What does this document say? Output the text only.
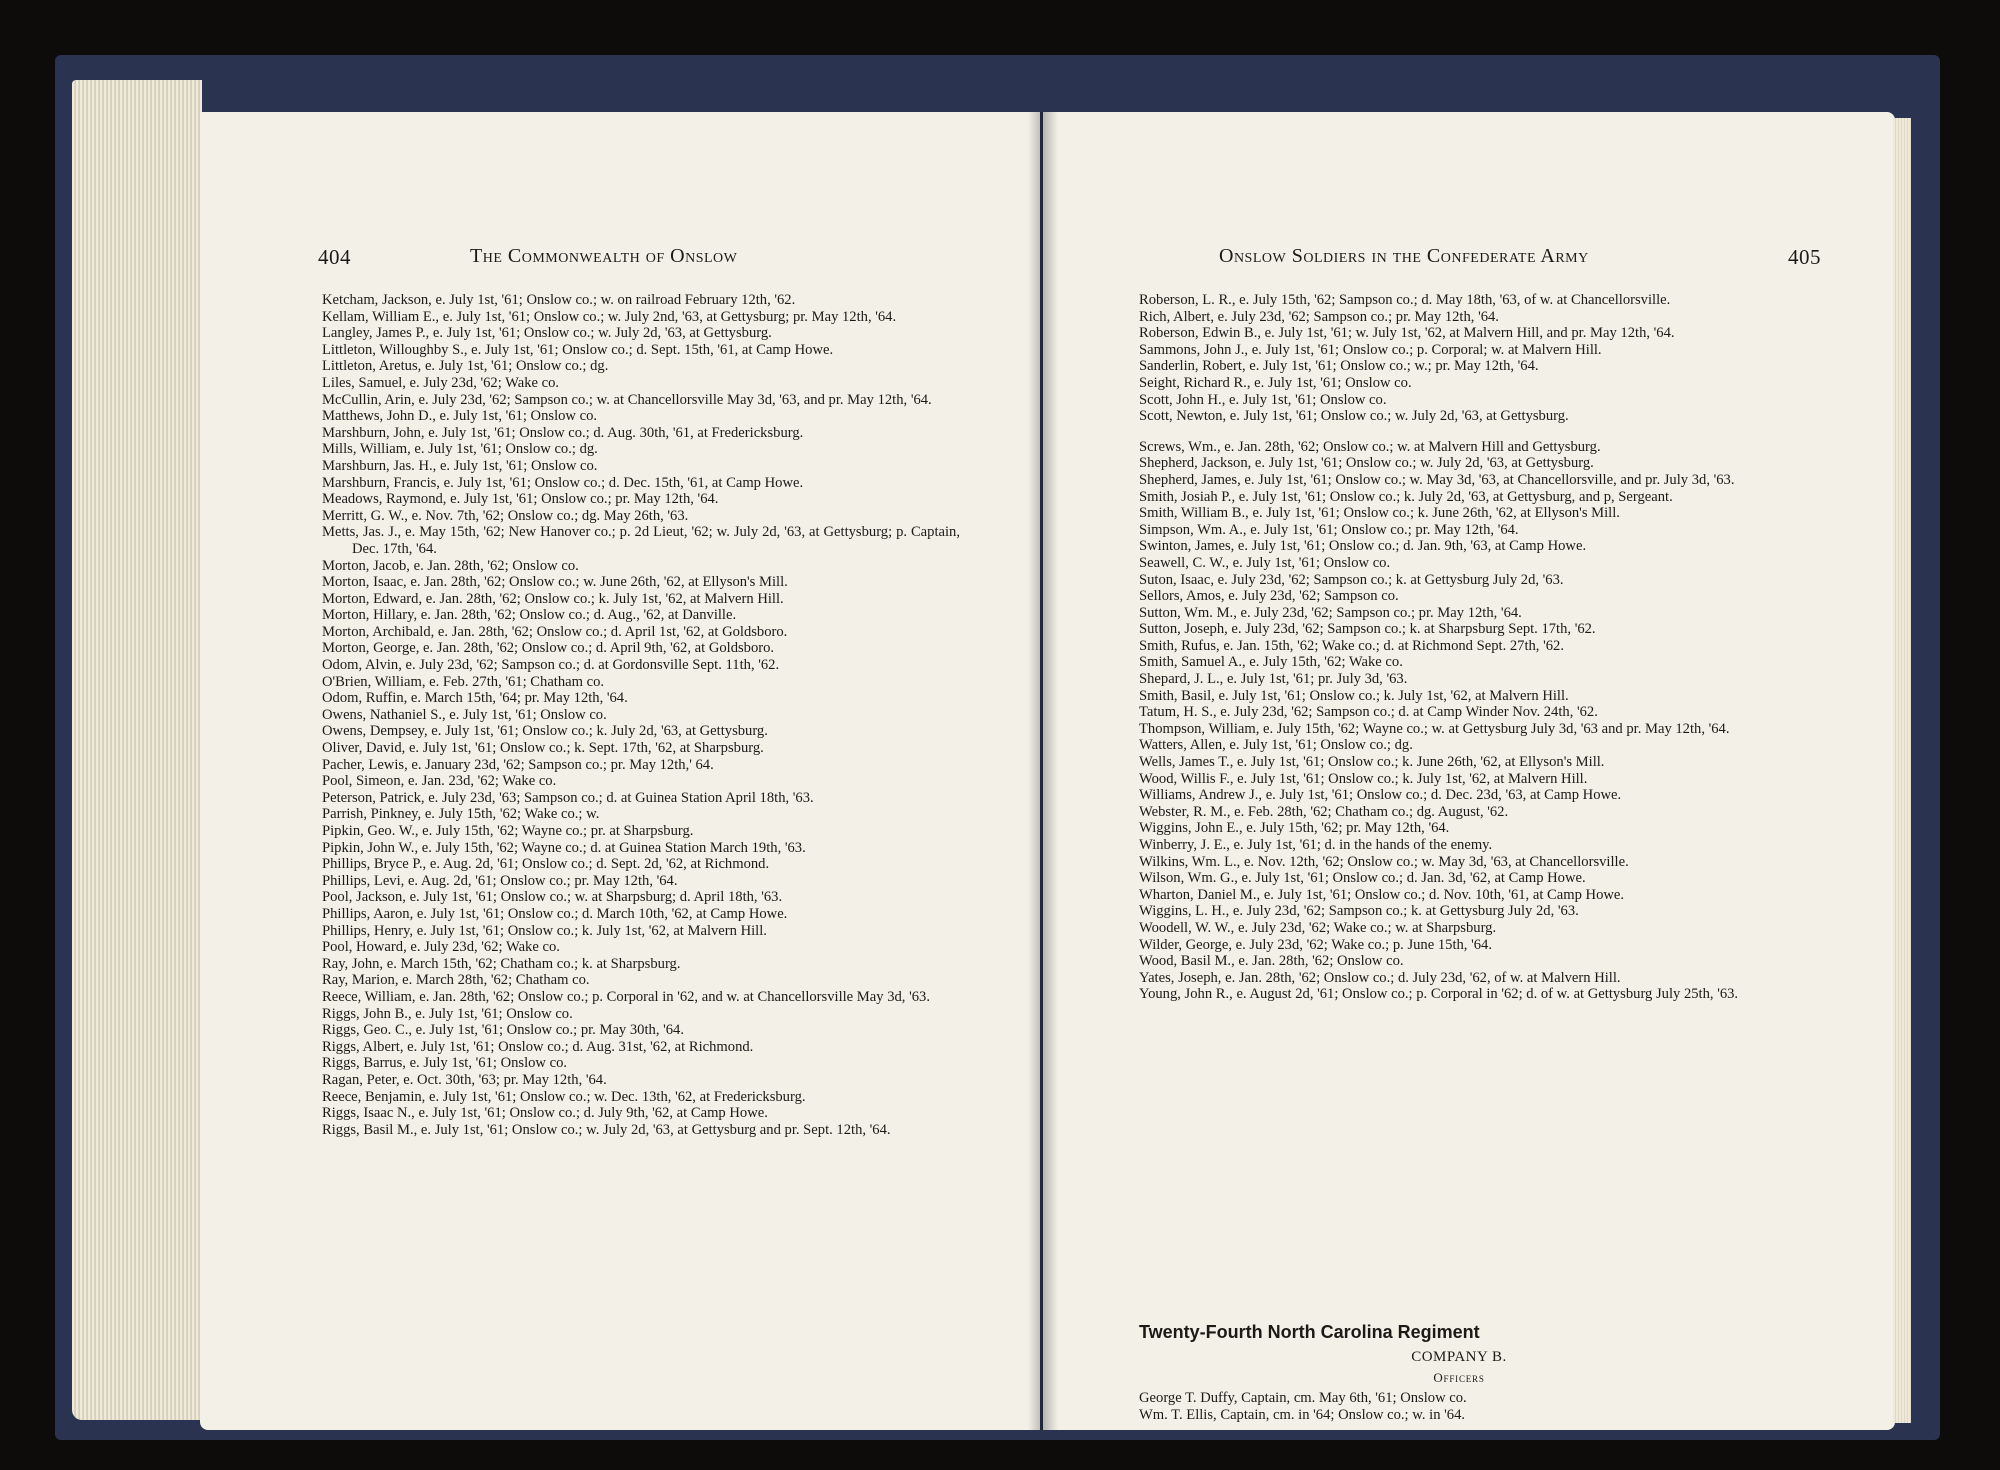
404	The Commonwealth of Onslow
Ketcham, Jackson, e. July 1st, '61; Onslow co.; w. on railroad February 12th, '62.
Kellam, William E., e. July 1st, '61; Onslow co.; w. July 2nd, '63, at Gettysburg; pr. May 12th, '64.
Langley, James P., e. July 1st, '61; Onslow co.; w. July 2d, '63, at Gettysburg.
Littleton, Willoughby S., e. July 1st, '61; Onslow co.; d. Sept. 15th, '61, at Camp Howe.
Littleton, Aretus, e. July 1st, '61; Onslow co.; dg.
Liles, Samuel, e. July 23d, '62; Wake co.
McCullin, Arin, e. July 23d, '62; Sampson co.; w. at Chancellorsville May 3d, '63, and pr. May 12th, '64.
Matthews, John D., e. July 1st, '61; Onslow co.
Marshburn, John, e. July 1st, '61; Onslow co.; d. Aug. 30th, '61, at Fredericksburg.
Mills, William, e. July 1st, '61; Onslow co.; dg.
Marshburn, Jas. H., e. July 1st, '61; Onslow co.
Marshburn, Francis, e. July 1st, '61; Onslow co.; d. Dec. 15th, '61, at Camp Howe.
Meadows, Raymond, e. July 1st, '61; Onslow co.; pr. May 12th, '64.
Merritt, G. W., e. Nov. 7th, '62; Onslow co.; dg. May 26th, '63.
Metts, Jas. J., e. May 15th, '62; New Hanover co.; p. 2d Lieut, '62; w. July 2d, '63, at Gettysburg; p. Captain, Dec. 17th, '64.
Morton, Jacob, e. Jan. 28th, '62; Onslow co.
Morton, Isaac, e. Jan. 28th, '62; Onslow co.; w. June 26th, '62, at Ellyson's Mill.
Morton, Edward, e. Jan. 28th, '62; Onslow co.; k. July 1st, '62, at Malvern Hill.
Morton, Hillary, e. Jan. 28th, '62; Onslow co.; d. Aug., '62, at Danville.
Morton, Archibald, e. Jan. 28th, '62; Onslow co.; d. April 1st, '62, at Goldsboro.
Morton, George, e. Jan. 28th, '62; Onslow co.; d. April 9th, '62, at Goldsboro.
Odom, Alvin, e. July 23d, '62; Sampson co.; d. at Gordonsville Sept. 11th, '62.
O'Brien, William, e. Feb. 27th, '61; Chatham co.
Odom, Ruffin, e. March 15th, '64; pr. May 12th, '64.
Owens, Nathaniel S., e. July 1st, '61; Onslow co.
Owens, Dempsey, e. July 1st, '61; Onslow co.; k. July 2d, '63, at Gettysburg.
Oliver, David, e. July 1st, '61; Onslow co.; k. Sept. 17th, '62, at Sharpsburg.
Pacher, Lewis, e. January 23d, '62; Sampson co.; pr. May 12th,' 64.
Pool, Simeon, e. Jan. 23d, '62; Wake co.
Peterson, Patrick, e. July 23d, '63; Sampson co.; d. at Guinea Station April 18th, '63.
Parrish, Pinkney, e. July 15th, '62; Wake co.; w.
Pipkin, Geo. W., e. July 15th, '62; Wayne co.; pr. at Sharpsburg.
Pipkin, John W., e. July 15th, '62; Wayne co.; d. at Guinea Station March 19th, '63.
Phillips, Bryce P., e. Aug. 2d, '61; Onslow co.; d. Sept. 2d, '62, at Richmond.
Phillips, Levi, e. Aug. 2d, '61; Onslow co.; pr. May 12th, '64.
Pool, Jackson, e. July 1st, '61; Onslow co.; w. at Sharpsburg; d. April 18th, '63.
Phillips, Aaron, e. July 1st, '61; Onslow co.; d. March 10th, '62, at Camp Howe.
Phillips, Henry, e. July 1st, '61; Onslow co.; k. July 1st, '62, at Malvern Hill.
Pool, Howard, e. July 23d, '62; Wake co.
Ray, John, e. March 15th, '62; Chatham co.; k. at Sharpsburg.
Ray, Marion, e. March 28th, '62; Chatham co.
Reece, William, e. Jan. 28th, '62; Onslow co.; p. Corporal in '62, and w. at Chancellorsville May 3d, '63.
Riggs, John B., e. July 1st, '61; Onslow co.
Riggs, Geo. C., e. July 1st, '61; Onslow co.; pr. May 30th, '64.
Riggs, Albert, e. July 1st, '61; Onslow co.; d. Aug. 31st, '62, at Richmond.
Riggs, Barrus, e. July 1st, '61; Onslow co.
Ragan, Peter, e. Oct. 30th, '63; pr. May 12th, '64.
Reece, Benjamin, e. July 1st, '61; Onslow co.; w. Dec. 13th, '62, at Fredericksburg.
Riggs, Isaac N., e. July 1st, '61; Onslow co.; d. July 9th, '62, at Camp Howe.
Riggs, Basil M., e. July 1st, '61; Onslow co.; w. July 2d, '63, at Gettysburg and pr. Sept. 12th, '64.
Onslow Soldiers in the Confederate Army	405
Roberson, L. R., e. July 15th, '62; Sampson co.; d. May 18th, '63, of w. at Chancellorsville.
Rich, Albert, e. July 23d, '62; Sampson co.; pr. May 12th, '64.
Roberson, Edwin B., e. July 1st, '61; w. July 1st, '62, at Malvern Hill, and pr. May 12th, '64.
Sammons, John J., e. July 1st, '61; Onslow co.; p. Corporal; w. at Malvern Hill.
Sanderlin, Robert, e. July 1st, '61; Onslow co.; w.; pr. May 12th, '64.
Seight, Richard R., e. July 1st, '61; Onslow co.
Scott, John H., e. July 1st, '61; Onslow co.
Scott, Newton, e. July 1st, '61; Onslow co.; w. July 2d, '63, at Gettysburg.
Screws, Wm., e. Jan. 28th, '62; Onslow co.; w. at Malvern Hill and Gettysburg.
Shepherd, Jackson, e. July 1st, '61; Onslow co.; w. July 2d, '63, at Gettysburg.
Shepherd, James, e. July 1st, '61; Onslow co.; w. May 3d, '63, at Chancellorsville, and pr. July 3d, '63.
Smith, Josiah P., e. July 1st, '61; Onslow co.; k. July 2d, '63, at Gettysburg, and p, Sergeant.
Smith, William B., e. July 1st, '61; Onslow co.; k. June 26th, '62, at Ellyson's Mill.
Simpson, Wm. A., e. July 1st, '61; Onslow co.; pr. May 12th, '64.
Swinton, James, e. July 1st, '61; Onslow co.; d. Jan. 9th, '63, at Camp Howe.
Seawell, C. W., e. July 1st, '61; Onslow co.
Suton, Isaac, e. July 23d, '62; Sampson co.; k. at Gettysburg July 2d, '63.
Sellors, Amos, e. July 23d, '62; Sampson co.
Sutton, Wm. M., e. July 23d, '62; Sampson co.; pr. May 12th, '64.
Sutton, Joseph, e. July 23d, '62; Sampson co.; k. at Sharpsburg Sept. 17th, '62.
Smith, Rufus, e. Jan. 15th, '62; Wake co.; d. at Richmond Sept. 27th, '62.
Smith, Samuel A., e. July 15th, '62; Wake co.
Shepard, J. L., e. July 1st, '61; pr. July 3d, '63.
Smith, Basil, e. July 1st, '61; Onslow co.; k. July 1st, '62, at Malvern Hill.
Tatum, H. S., e. July 23d, '62; Sampson co.; d. at Camp Winder Nov. 24th, '62.
Thompson, William, e. July 15th, '62; Wayne co.; w. at Gettysburg July 3d, '63 and pr. May 12th, '64.
Watters, Allen, e. July 1st, '61; Onslow co.; dg.
Wells, James T., e. July 1st, '61; Onslow co.; k. June 26th, '62, at Ellyson's Mill.
Wood, Willis F., e. July 1st, '61; Onslow co.; k. July 1st, '62, at Malvern Hill.
Williams, Andrew J., e. July 1st, '61; Onslow co.; d. Dec. 23d, '63, at Camp Howe.
Webster, R. M., e. Feb. 28th, '62; Chatham co.; dg. August, '62.
Wiggins, John E., e. July 15th, '62; pr. May 12th, '64.
Winberry, J. E., e. July 1st, '61; d. in the hands of the enemy.
Wilkins, Wm. L., e. Nov. 12th, '62; Onslow co.; w. May 3d, '63, at Chancellorsville.
Wilson, Wm. G., e. July 1st, '61; Onslow co.; d. Jan. 3d, '62, at Camp Howe.
Wharton, Daniel M., e. July 1st, '61; Onslow co.; d. Nov. 10th, '61, at Camp Howe.
Wiggins, L. H., e. July 23d, '62; Sampson co.; k. at Gettysburg July 2d, '63.
Woodell, W. W., e. July 23d, '62; Wake co.; w. at Sharpsburg.
Wilder, George, e. July 23d, '62; Wake co.; p. June 15th, '64.
Wood, Basil M., e. Jan. 28th, '62; Onslow co.
Yates, Joseph, e. Jan. 28th, '62; Onslow co.; d. July 23d, '62, of w. at Malvern Hill.
Young, John R., e. August 2d, '61; Onslow co.; p. Corporal in '62; d. of w. at Gettysburg July 25th, '63.
Twenty-Fourth North Carolina Regiment
COMPANY B.
Officers
George T. Duffy, Captain, cm. May 6th, '61; Onslow co.
Wm. T. Ellis, Captain, cm. in '64; Onslow co.; w. in '64.
